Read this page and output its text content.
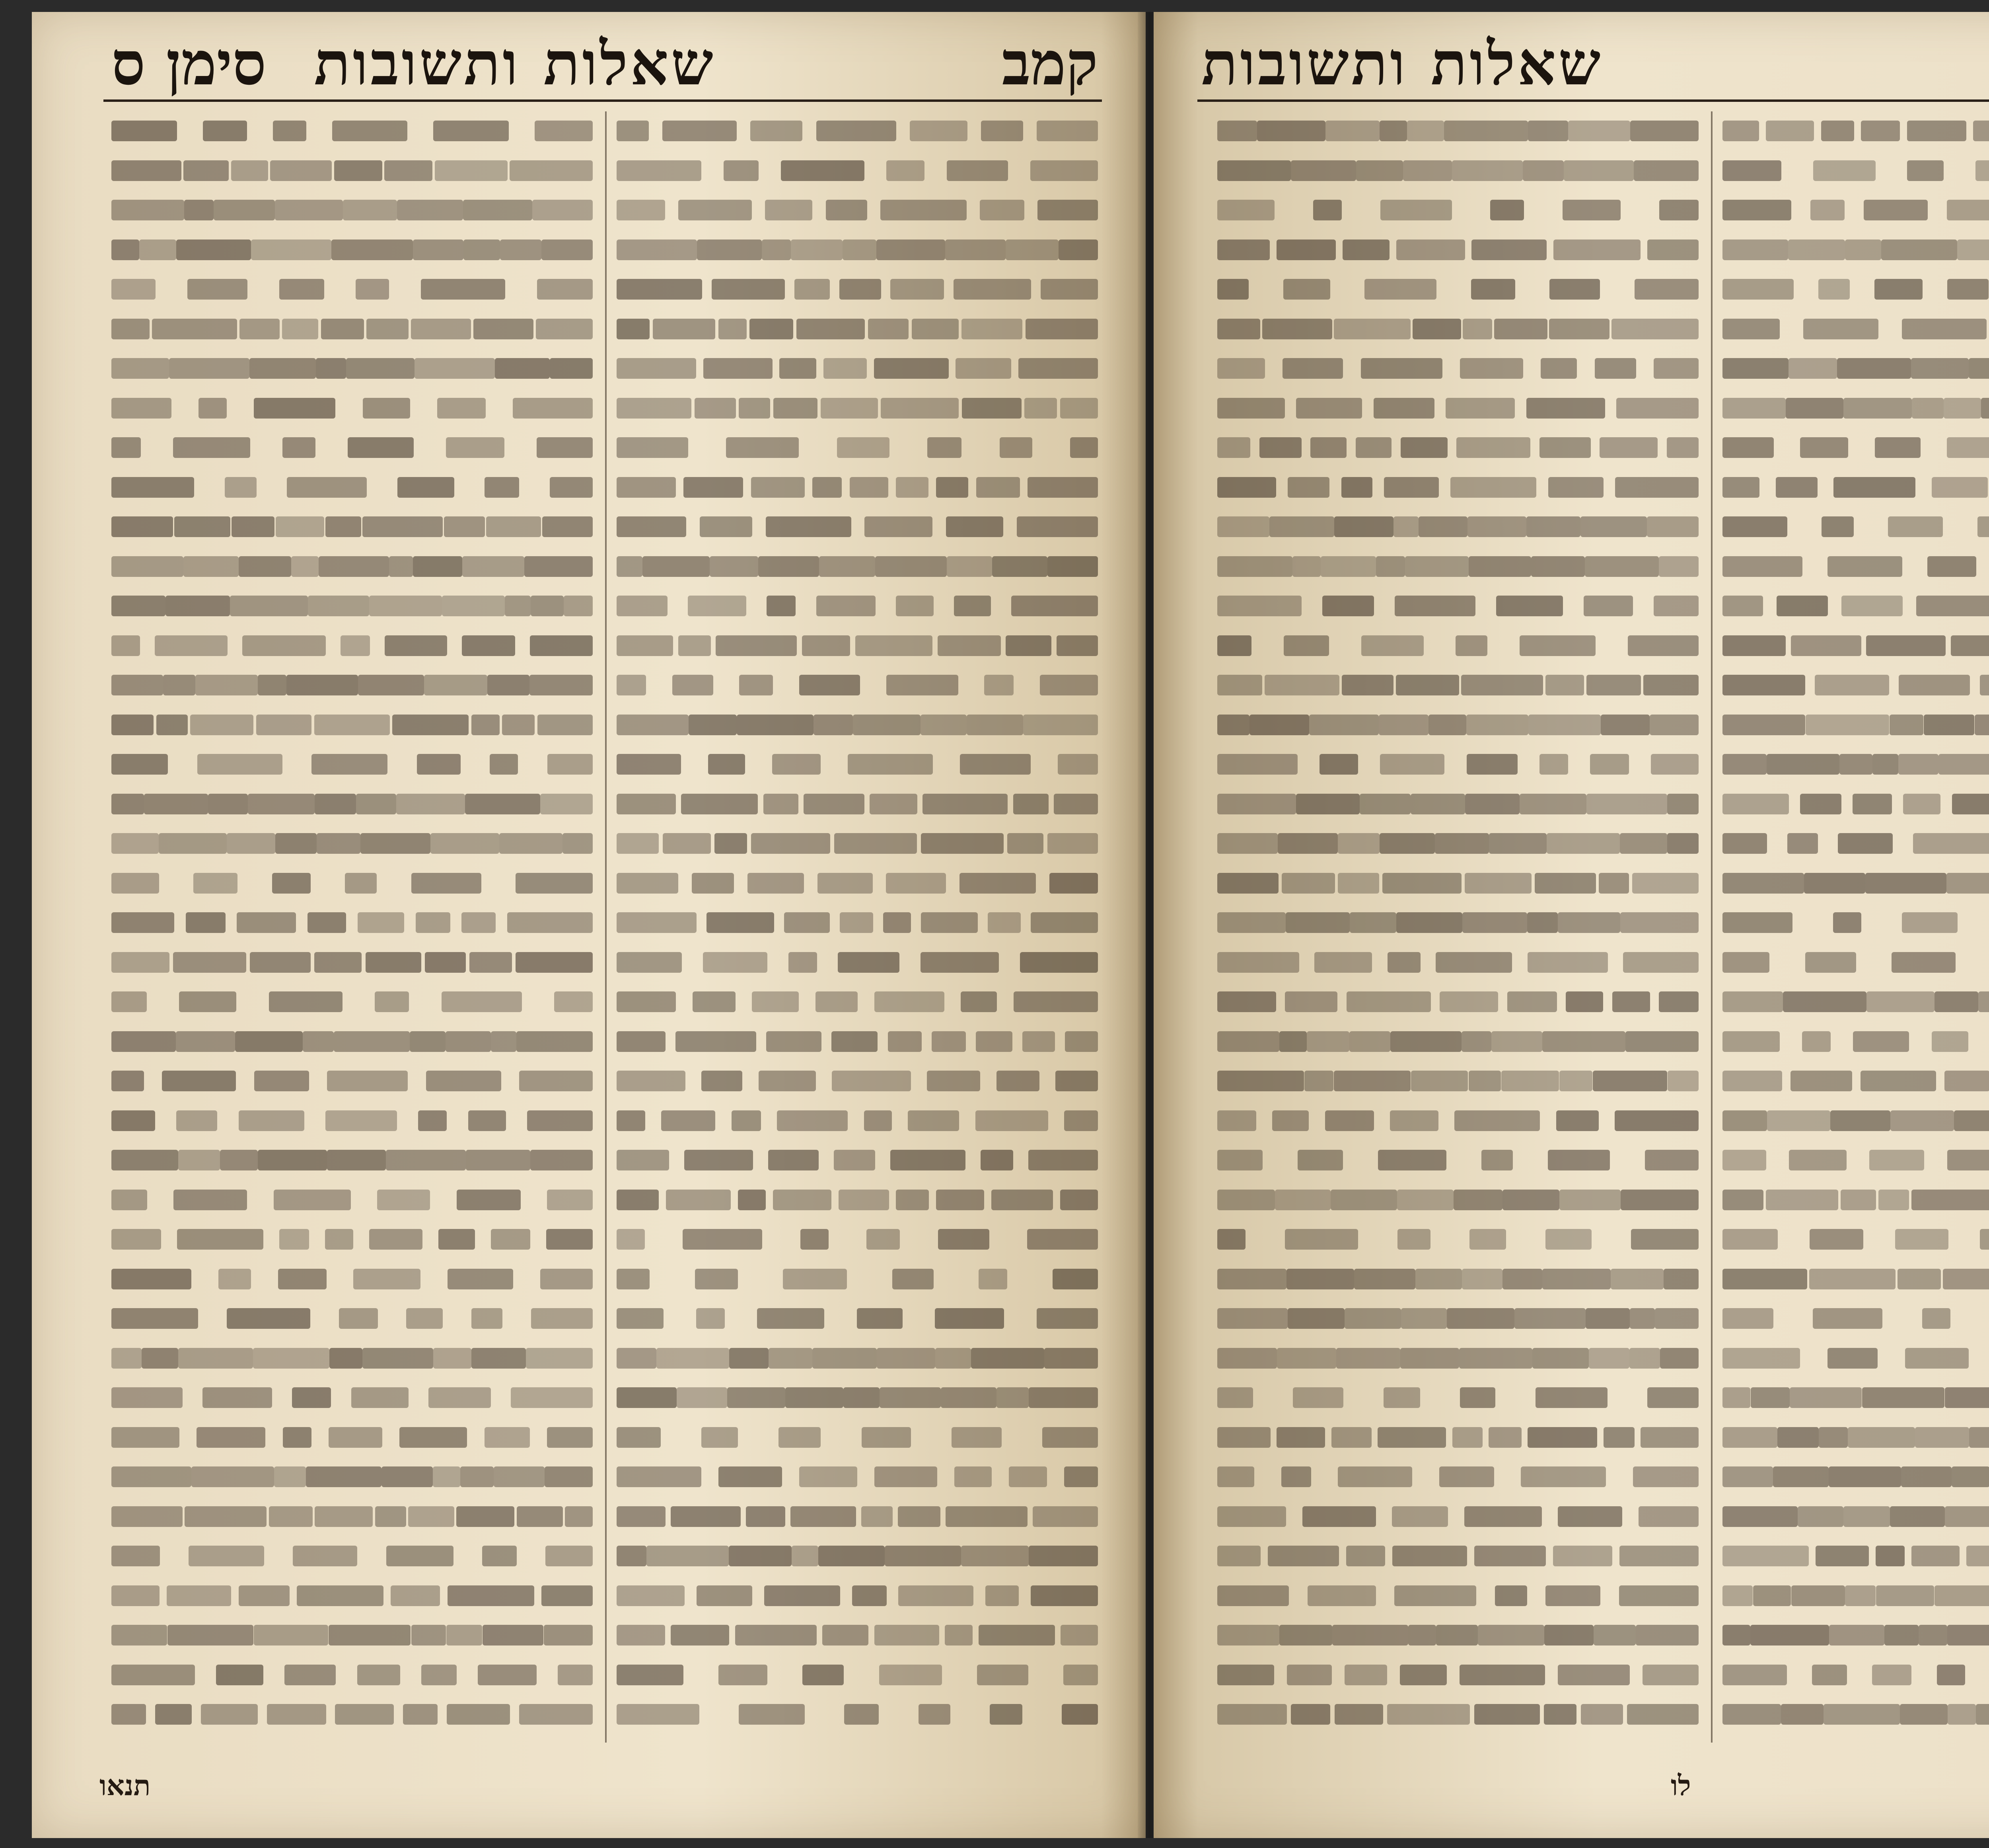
קמב
שאלות ותשובות
סימן ס
תנאו
שאלות ותשובות
לו
